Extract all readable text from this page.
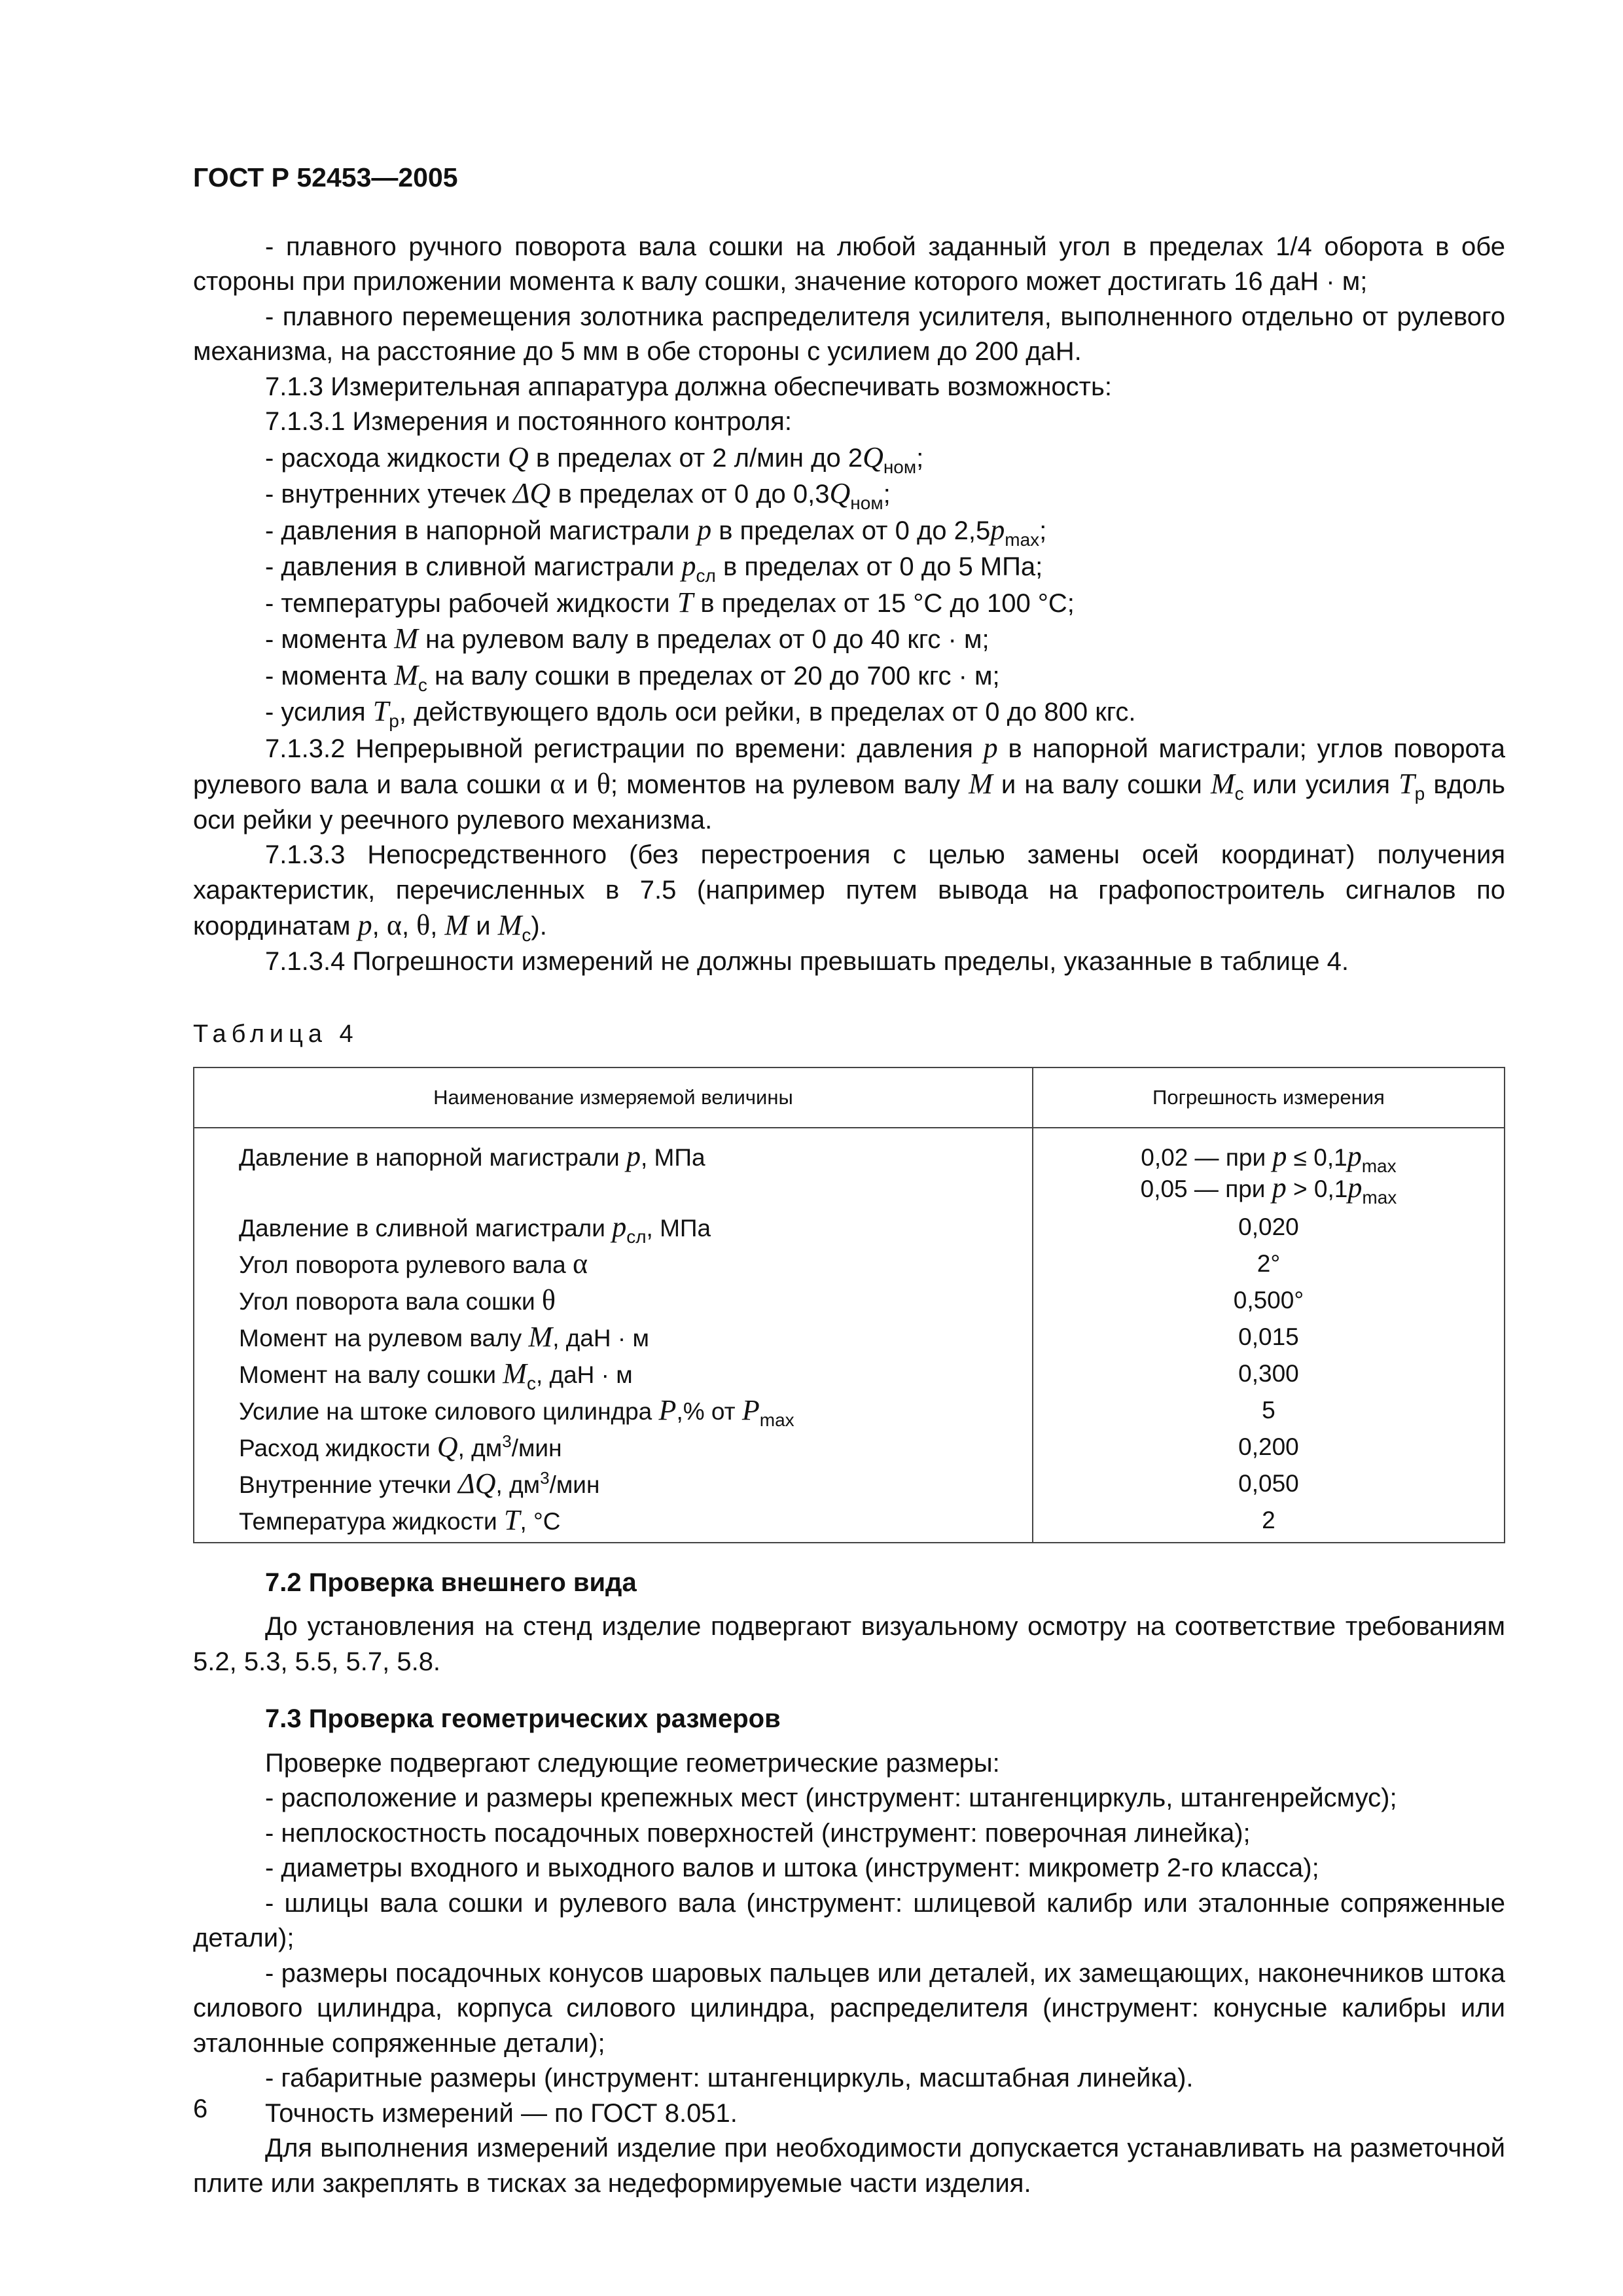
ГОСТ Р 52453—2005

- плавного ручного поворота вала сошки на любой заданный угол в пределах 1/4 оборота в обе стороны при приложении момента к валу сошки, значение которого может достигать 16 даН · м;

- плавного перемещения золотника распределителя усилителя, выполненного отдельно от рулевого механизма, на расстояние до 5 мм в обе стороны с усилием до 200 даН.

7.1.3 Измерительная аппаратура должна обеспечивать возможность:

7.1.3.1 Измерения и постоянного контроля:

- расхода жидкости Q в пределах от 2 л/мин до $2Q_{ном}$;

- внутренних утечек ΔQ в пределах от 0 до $0,3Q_{ном}$;

- давления в напорной магистрали p в пределах от 0 до $2,5p_{max}$;

- давления в сливной магистрали $p_{сл}$ в пределах от 0 до 5 МПа;

- температуры рабочей жидкости T в пределах от 15 °С до 100 °С;

- момента M на рулевом валу в пределах от 0 до 40 кгс · м;

- момента $M_с$ на валу сошки в пределах от 20 до 700 кгс · м;

- усилия $T_р$, действующего вдоль оси рейки, в пределах от 0 до 800 кгс.

7.1.3.2 Непрерывной регистрации по времени: давления p в напорной магистрали; углов поворота рулевого вала и вала сошки α и θ; моментов на рулевом валу M и на валу сошки $M_с$ или усилия $T_р$ вдоль оси рейки у реечного рулевого механизма.

7.1.3.3 Непосредственного (без перестроения с целью замены осей координат) получения характеристик, перечисленных в 7.5 (например путем вывода на графопостроитель сигналов по координатам p, α, θ, M и $M_с$).

7.1.3.4 Погрешности измерений не должны превышать пределы, указанные в таблице 4.

Таблица 4
Наименование измеряемой величины	Погрешность измерения
Давление в напорной магистрали p, МПа	0,02 — при $p \le 0,1p_{max}$
0,05 — при $p > 0,1p_{max}$

Давление в сливной магистрали $p_{сл}$, МПа	0,020
Угол поворота рулевого вала α	2°
Угол поворота вала сошки θ	0,500°
Момент на рулевом валу M, даН · м	0,015
Момент на валу сошки $M_с$, даН · м	0,300
Усилие на штоке силового цилиндра P,% от $P_{max}$	5
Расход жидкости Q, $дм^3$/мин	0,200
Внутренние утечки ΔQ, $дм^3$/мин	0,050
Температура жидкости T, °С	2
7.2 Проверка внешнего вида

До установления на стенд изделие подвергают визуальному осмотру на соответствие требованиям 5.2, 5.3, 5.5, 5.7, 5.8.

7.3 Проверка геометрических размеров

Проверке подвергают следующие геометрические размеры:

- расположение и размеры крепежных мест (инструмент: штангенциркуль, штангенрейсмус);

- неплоскостность посадочных поверхностей (инструмент: поверочная линейка);

- диаметры входного и выходного валов и штока (инструмент: микрометр 2-го класса);

- шлицы вала сошки и рулевого вала (инструмент: шлицевой калибр или эталонные сопряженные детали);

- размеры посадочных конусов шаровых пальцев или деталей, их замещающих, наконечников штока силового цилиндра, корпуса силового цилиндра, распределителя (инструмент: конусные калибры или эталонные сопряженные детали);

- габаритные размеры (инструмент: штангенциркуль, масштабная линейка).

Точность измерений — по ГОСТ 8.051.

Для выполнения измерений изделие при необходимости допускается устанавливать на разметочной плите или закреплять в тисках за недеформируемые части изделия.

6
